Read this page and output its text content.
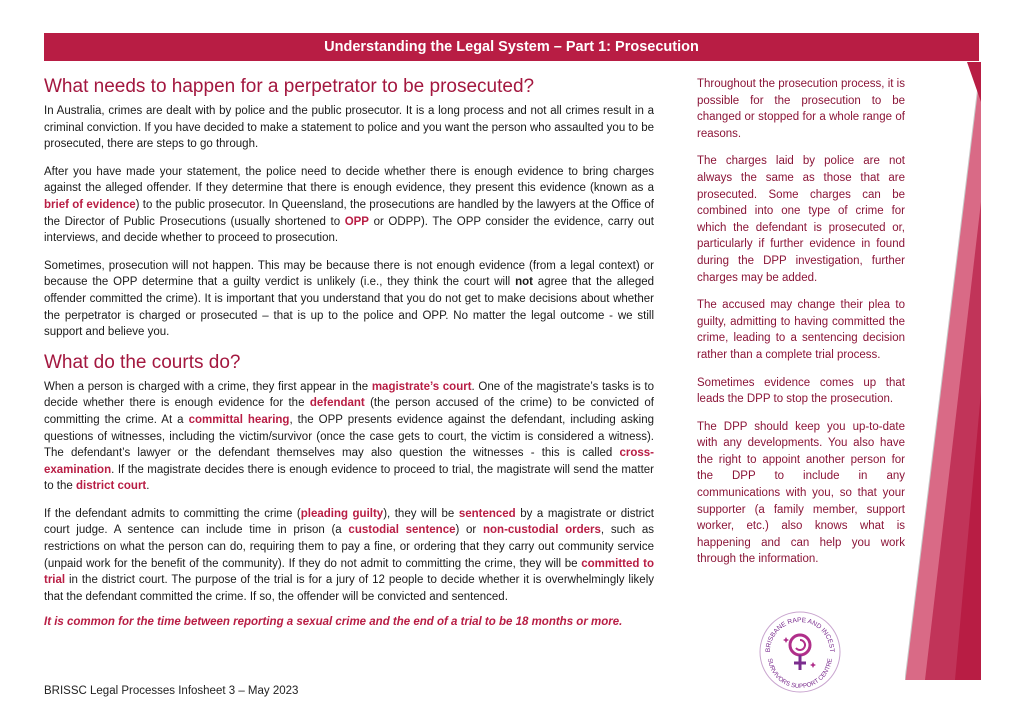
Understanding the Legal System – Part 1: Prosecution
What needs to happen for a perpetrator to be prosecuted?

In Australia, crimes are dealt with by police and the public prosecutor. It is a long process and not all crimes result in a criminal conviction. If you have decided to make a statement to police and you want the person who assaulted you to be prosecuted, there are steps to go through.

After you have made your statement, the police need to decide whether there is enough evidence to bring charges against the alleged offender. If they determine that there is enough evidence, they present this evidence (known as a brief of evidence) to the public prosecutor. In Queensland, the prosecutions are handled by the lawyers at the Office of the Director of Public Prosecutions (usually shortened to OPP or ODPP). The OPP consider the evidence, carry out interviews, and decide whether to proceed to prosecution.

Sometimes, prosecution will not happen. This may be because there is not enough evidence (from a legal context) or because the OPP determine that a guilty verdict is unlikely (i.e., they think the court will not agree that the alleged offender committed the crime). It is important that you understand that you do not get to make decisions about whether the perpetrator is charged or prosecuted – that is up to the police and OPP. No matter the legal outcome - we still support and believe you.

What do the courts do?

When a person is charged with a crime, they first appear in the magistrate’s court. One of the magistrate’s tasks is to decide whether there is enough evidence for the defendant (the person accused of the crime) to be convicted of committing the crime. At a committal hearing, the OPP presents evidence against the defendant, including asking questions of witnesses, including the victim/survivor (once the case gets to court, the victim is considered a witness). The defendant’s lawyer or the defendant themselves may also question the witnesses - this is called cross-examination. If the magistrate decides there is enough evidence to proceed to trial, the magistrate will send the matter to the district court.

If the defendant admits to committing the crime (pleading guilty), they will be sentenced by a magistrate or district court judge. A sentence can include time in prison (a custodial sentence) or non-custodial orders, such as restrictions on what the person can do, requiring them to pay a fine, or ordering that they carry out community service (unpaid work for the benefit of the community). If they do not admit to committing the crime, they will be committed to trial in the district court. The purpose of the trial is for a jury of 12 people to decide whether it is overwhelmingly likely that the defendant committed the crime. If so, the offender will be convicted and sentenced.

It is common for the time between reporting a sexual crime and the end of a trial to be 18 months or more.

Throughout the prosecution process, it is possible for the prosecution to be changed or stopped for a whole range of reasons.

The charges laid by police are not always the same as those that are prosecuted. Some charges can be combined into one type of crime for which the defendant is prosecuted or, particularly if further evidence in found during the DPP investigation, further charges may be added.

The accused may change their plea to guilty, admitting to having committed the crime, leading to a sentencing decision rather than a complete trial process.

Sometimes evidence comes up that leads the DPP to stop the prosecution.

The DPP should keep you up-to-date with any developments. You also have the right to appoint another person for the DPP to include in any communications with you, so that your supporter (a family member, support worker, etc.) also knows what is happening and can help you work through the information.

BRISBANE RAPE AND INCEST
SURVIVORS SUPPORT CENTRE
BRISSC Legal Processes Infosheet 3 – May 2023
